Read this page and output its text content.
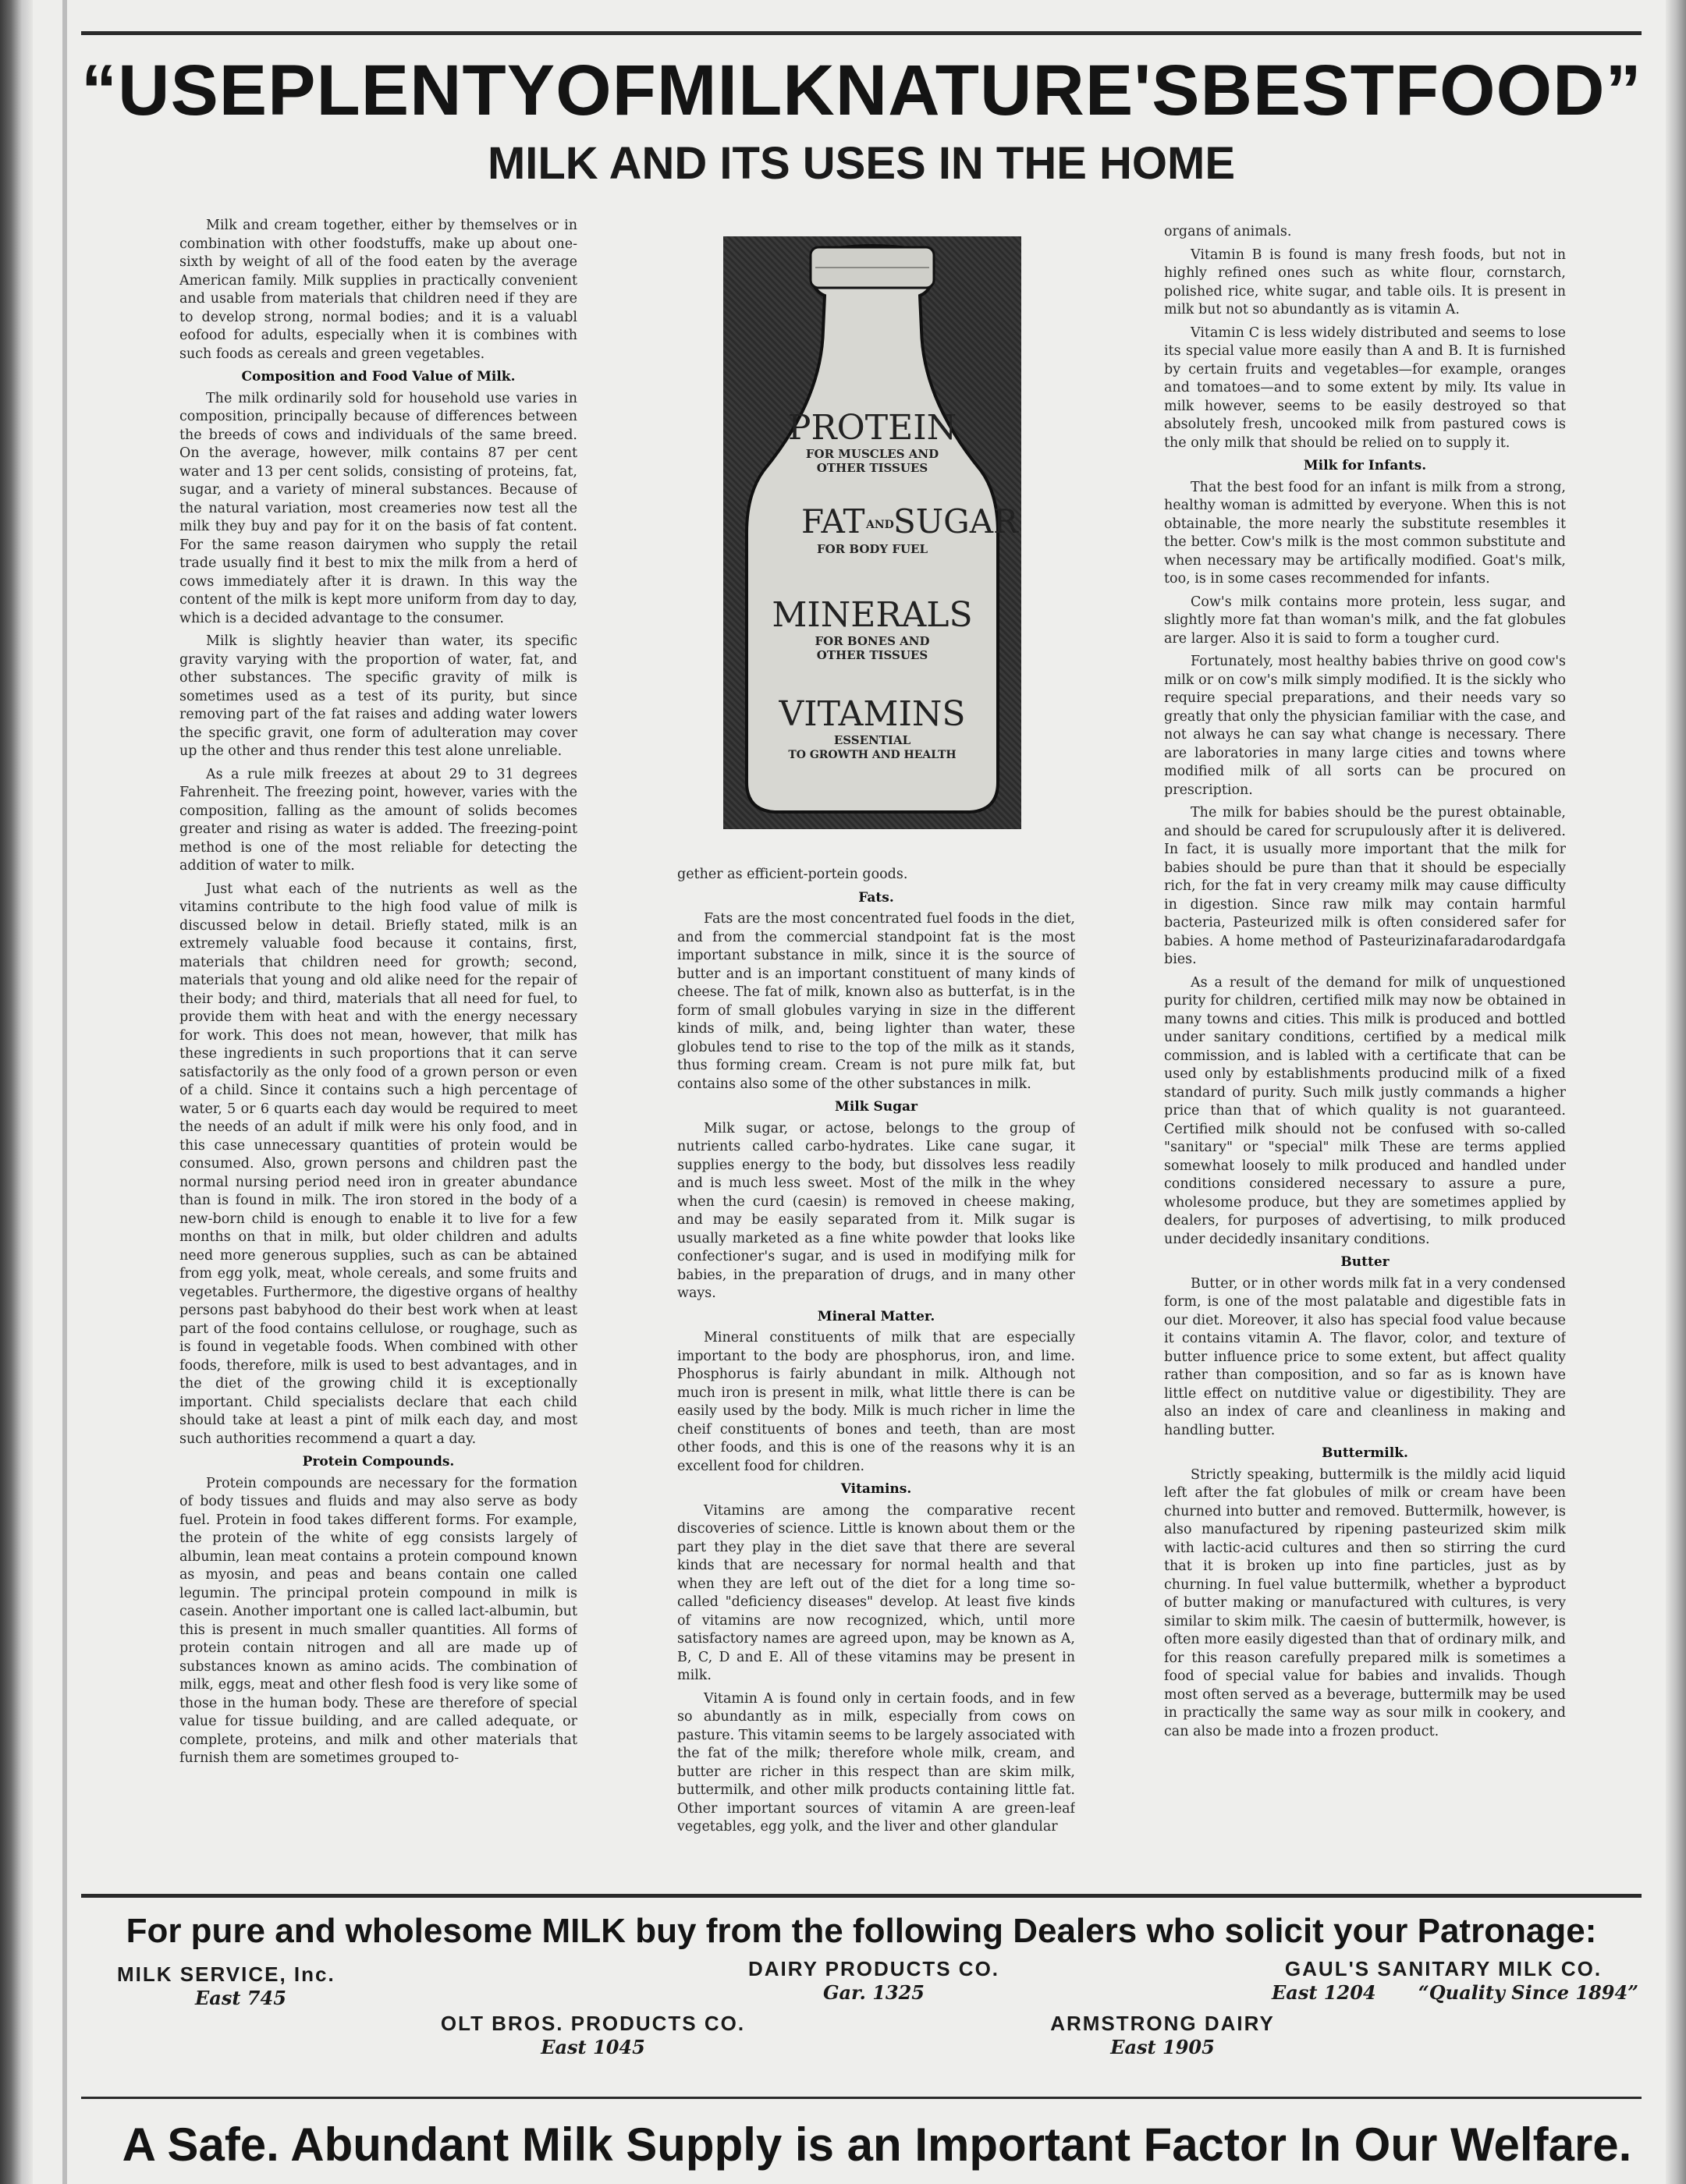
“USE PLENTY OF MILK NATURE'S BEST FOOD”
MILK AND ITS USES IN THE HOME

Milk and cream together, either by themselves or in combination with other foodstuffs, make up about one-sixth by weight of all of the food eaten by the average American family. Milk supplies in practically convenient and usable from materials that children need if they are to develop strong, normal bodies; and it is a valuabl eofood for adults, especially when it is combines with such foods as cereals and green vegetables.

Composition and Food Value of Milk.

The milk ordinarily sold for household use varies in composition, principally because of differences between the breeds of cows and individuals of the same breed. On the average, however, milk contains 87 per cent water and 13 per cent solids, consisting of proteins, fat, sugar, and a variety of mineral substances. Because of the natural variation, most creameries now test all the milk they buy and pay for it on the basis of fat content. For the same reason dairymen who supply the retail trade usually find it best to mix the milk from a herd of cows immediately after it is drawn. In this way the content of the milk is kept more uniform from day to day, which is a decided advantage to the consumer.

Milk is slightly heavier than water, its specific gravity varying with the proportion of water, fat, and other substances. The specific gravity of milk is sometimes used as a test of its purity, but since removing part of the fat raises and adding water lowers the specific gravit, one form of adulteration may cover up the other and thus render this test alone unreliable.

As a rule milk freezes at about 29 to 31 degrees Fahrenheit. The freezing point, however, varies with the composition, falling as the amount of solids becomes greater and rising as water is added. The freezing-point method is one of the most reliable for detecting the addition of water to milk.

Just what each of the nutrients as well as the vitamins contribute to the high food value of milk is discussed below in detail. Briefly stated, milk is an extremely valuable food because it contains, first, materials that children need for growth; second, materials that young and old alike need for the repair of their body; and third, materials that all need for fuel, to provide them with heat and with the energy necessary for work. This does not mean, however, that milk has these ingredients in such proportions that it can serve satisfactorily as the only food of a grown person or even of a child. Since it contains such a high percentage of water, 5 or 6 quarts each day would be required to meet the needs of an adult if milk were his only food, and in this case unnecessary quantities of protein would be consumed. Also, grown persons and children past the normal nursing period need iron in greater abundance than is found in milk. The iron stored in the body of a new-born child is enough to enable it to live for a few months on that in milk, but older children and adults need more generous supplies, such as can be abtained from egg yolk, meat, whole cereals, and some fruits and vegetables. Furthermore, the digestive organs of healthy persons past babyhood do their best work when at least part of the food contains cellulose, or roughage, such as is found in vegetable foods. When combined with other foods, therefore, milk is used to best advantages, and in the diet of the growing child it is exceptionally important. Child specialists declare that each child should take at least a pint of milk each day, and most such authorities recommend a quart a day.

Protein Compounds.

Protein compounds are necessary for the formation of body tissues and fluids and may also serve as body fuel. Protein in food takes different forms. For example, the protein of the white of egg consists largely of albumin, lean meat contains a protein compound known as myosin, and peas and beans contain one called legumin. The principal protein compound in milk is casein. Another important one is called lact-albumin, but this is present in much smaller quantities. All forms of protein contain nitrogen and all are made up of substances known as amino acids. The combination of milk, eggs, meat and other flesh food is very like some of those in the human body. These are therefore of special value for tissue building, and are called adequate, or complete, proteins, and milk and other materials that furnish them are sometimes grouped to-

PROTEIN
FOR MUSCLES AND
OTHER TISSUES
FAT AND SUGAR
FOR BODY FUEL
MINERALS
FOR BONES AND
OTHER TISSUES
VITAMINS
ESSENTIAL
TO GROWTH AND HEALTH

gether as efficient-portein goods.

Fats.

Fats are the most concentrated fuel foods in the diet, and from the commercial standpoint fat is the most important substance in milk, since it is the source of butter and is an important constituent of many kinds of cheese. The fat of milk, known also as butterfat, is in the form of small globules varying in size in the different kinds of milk, and, being lighter than water, these globules tend to rise to the top of the milk as it stands, thus forming cream. Cream is not pure milk fat, but contains also some of the other substances in milk.

Milk Sugar

Milk sugar, or actose, belongs to the group of nutrients called carbo-hydrates. Like cane sugar, it supplies energy to the body, but dissolves less readily and is much less sweet. Most of the milk in the whey when the curd (caesin) is removed in cheese making, and may be easily separated from it. Milk sugar is usually marketed as a fine white powder that looks like confectioner's sugar, and is used in modifying milk for babies, in the preparation of drugs, and in many other ways.

Mineral Matter.

Mineral constituents of milk that are especially important to the body are phosphorus, iron, and lime. Phosphorus is fairly abundant in milk. Although not much iron is present in milk, what little there is can be easily used by the body. Milk is much richer in lime the cheif constituents of bones and teeth, than are most other foods, and this is one of the reasons why it is an excellent food for children.

Vitamins.

Vitamins are among the comparative recent discoveries of science. Little is known about them or the part they play in the diet save that there are several kinds that are necessary for normal health and that when they are left out of the diet for a long time so-called "deficiency diseases" develop. At least five kinds of vitamins are now recognized, which, until more satisfactory names are agreed upon, may be known as A, B, C, D and E. All of these vitamins may be present in milk.

Vitamin A is found only in certain foods, and in few so abundantly as in milk, especially from cows on pasture. This vitamin seems to be largely associated with the fat of the milk; therefore whole milk, cream, and butter are richer in this respect than are skim milk, buttermilk, and other milk products containing little fat. Other important sources of vitamin A are green-leaf vegetables, egg yolk, and the liver and other glandular

organs of animals.

Vitamin B is found is many fresh foods, but not in highly refined ones such as white flour, cornstarch, polished rice, white sugar, and table oils. It is present in milk but not so abundantly as is vitamin A.

Vitamin C is less widely distributed and seems to lose its special value more easily than A and B. It is furnished by certain fruits and vegetables—for example, oranges and tomatoes—and to some extent by mily. Its value in milk however, seems to be easily destroyed so that absolutely fresh, uncooked milk from pastured cows is the only milk that should be relied on to supply it.

Milk for Infants.

That the best food for an infant is milk from a strong, healthy woman is admitted by everyone. When this is not obtainable, the more nearly the substitute resembles it the better. Cow's milk is the most common substitute and when necessary may be artifically modified. Goat's milk, too, is in some cases recommended for infants.

Cow's milk contains more protein, less sugar, and slightly more fat than woman's milk, and the fat globules are larger. Also it is said to form a tougher curd.

Fortunately, most healthy babies thrive on good cow's milk or on cow's milk simply modified. It is the sickly who require special preparations, and their needs vary so greatly that only the physician familiar with the case, and not always he can say what change is necessary. There are laboratories in many large cities and towns where modified milk of all sorts can be procured on prescription.

The milk for babies should be the purest obtainable, and should be cared for scrupulously after it is delivered. In fact, it is usually more important that the milk for babies should be pure than that it should be especially rich, for the fat in very creamy milk may cause difficulty in digestion. Since raw milk may contain harmful bacteria, Pasteurized milk is often considered safer for babies. A home method of Pasteurizinafaradarodardgafa bies.

As a result of the demand for milk of unquestioned purity for children, certified milk may now be obtained in many towns and cities. This milk is produced and bottled under sanitary conditions, certified by a medical milk commission, and is labled with a certificate that can be used only by establishments producind milk of a fixed standard of purity. Such milk justly commands a higher price than that of which quality is not guaranteed. Certified milk should not be confused with so-called "sanitary" or "special" milk These are terms applied somewhat loosely to milk produced and handled under conditions considered necessary to assure a pure, wholesome produce, but they are sometimes applied by dealers, for purposes of advertising, to milk produced under decidedly insanitary conditions.

Butter

Butter, or in other words milk fat in a very condensed form, is one of the most palatable and digestible fats in our diet. Moreover, it also has special food value because it contains vitamin A. The flavor, color, and texture of butter influence price to some extent, but affect quality rather than composition, and so far as is known have little effect on nutditive value or digestibility. They are also an index of care and cleanliness in making and handling butter.

Buttermilk.

Strictly speaking, buttermilk is the mildly acid liquid left after the fat globules of milk or cream have been churned into butter and removed. Buttermilk, however, is also manufactured by ripening pasteurized skim milk with lactic-acid cultures and then so stirring the curd that it is broken up into fine particles, just as by churning. In fuel value buttermilk, whether a byproduct of butter making or manufactured with cultures, is very similar to skim milk. The caesin of buttermilk, however, is often more easily digested than that of ordinary milk, and for this reason carefully prepared milk is sometimes a food of special value for babies and invalids. Though most often served as a beverage, buttermilk may be used in practically the same way as sour milk in cookery, and can also be made into a frozen product.

For pure and wholesome MILK buy from the following Dealers who solicit your Patronage:
MILK SERVICE, Inc.
East 745
DAIRY PRODUCTS CO.
Gar. 1325
GAUL'S SANITARY MILK CO.
East 1204 “Quality Since 1894”
OLT BROS. PRODUCTS CO.
East 1045
ARMSTRONG DAIRY
East 1905
A Safe. Abundant Milk Supply is an Important Factor In Our Welfare.
